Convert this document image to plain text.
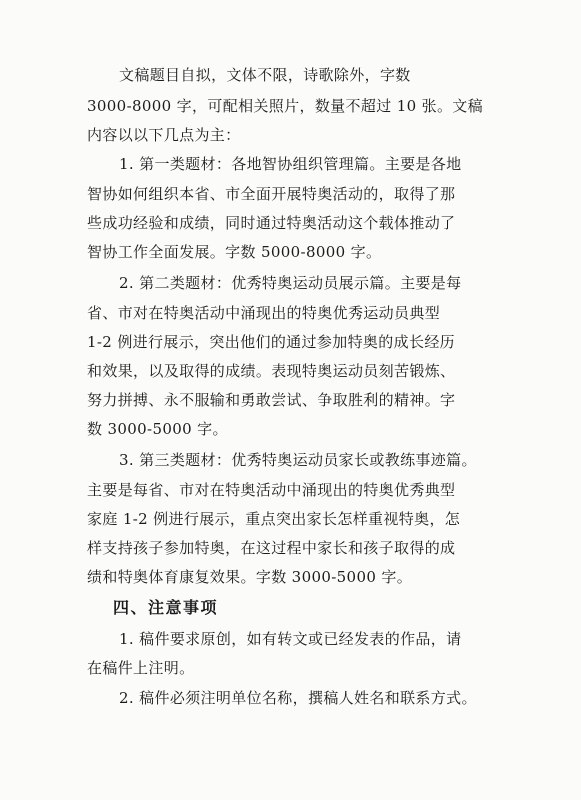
文稿题目自拟，文体不限，诗歌除外，字数
3000-8000 字，可配相关照片，数量不超过 10 张。文稿
内容以以下几点为主：
1. 第一类题材：各地智协组织管理篇。主要是各地
智协如何组织本省、市全面开展特奥活动的，取得了那
些成功经验和成绩，同时通过特奥活动这个载体推动了
智协工作全面发展。字数 5000-8000 字。
2. 第二类题材：优秀特奥运动员展示篇。主要是每
省、市对在特奥活动中涌现出的特奥优秀运动员典型
1-2 例进行展示，突出他们的通过参加特奥的成长经历
和效果，以及取得的成绩。表现特奥运动员刻苦锻炼、
努力拼搏、永不服输和勇敢尝试、争取胜利的精神。字
数 3000-5000 字。
3. 第三类题材：优秀特奥运动员家长或教练事迹篇。
主要是每省、市对在特奥活动中涌现出的特奥优秀典型
家庭 1-2 例进行展示，重点突出家长怎样重视特奥，怎
样支持孩子参加特奥，在这过程中家长和孩子取得的成
绩和特奥体育康复效果。字数 3000-5000 字。
四、注意事项
1. 稿件要求原创，如有转文或已经发表的作品，请
在稿件上注明。
2. 稿件必须注明单位名称，撰稿人姓名和联系方式。
